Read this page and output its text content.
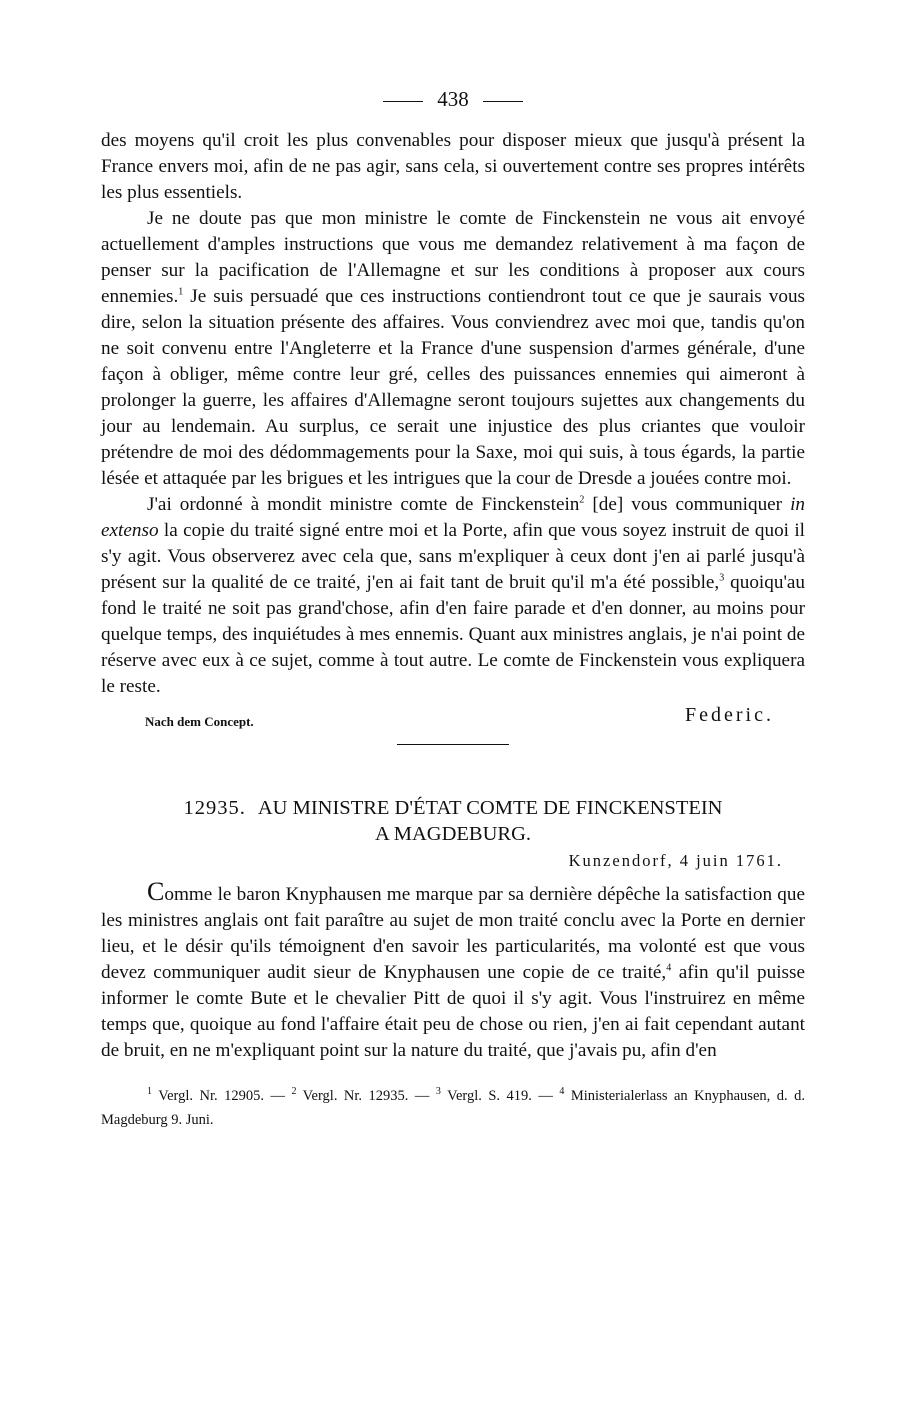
438

des moyens qu'il croit les plus convenables pour disposer mieux que jusqu'à présent la France envers moi, afin de ne pas agir, sans cela, si ouvertement contre ses propres intérêts les plus essentiels.

Je ne doute pas que mon ministre le comte de Finckenstein ne vous ait envoyé actuellement d'amples instructions que vous me demandez relativement à ma façon de penser sur la pacification de l'Allemagne et sur les conditions à proposer aux cours ennemies.$^1$ Je suis persuadé que ces instructions contiendront tout ce que je saurais vous dire, selon la situation présente des affaires. Vous conviendrez avec moi que, tandis qu'on ne soit convenu entre l'Angleterre et la France d'une suspension d'armes générale, d'une façon à obliger, même contre leur gré, celles des puissances ennemies qui aimeront à prolonger la guerre, les affaires d'Allemagne seront toujours sujettes aux changements du jour au lendemain. Au surplus, ce serait une injustice des plus criantes que vouloir prétendre de moi des dédommagements pour la Saxe, moi qui suis, à tous égards, la partie lésée et attaquée par les brigues et les intrigues que la cour de Dresde a jouées contre moi.

J'ai ordonné à mondit ministre comte de Finckenstein$^2$ [de] vous communiquer in extenso la copie du traité signé entre moi et la Porte, afin que vous soyez instruit de quoi il s'y agit. Vous observerez avec cela que, sans m'expliquer à ceux dont j'en ai parlé jusqu'à présent sur la qualité de ce traité, j'en ai fait tant de bruit qu'il m'a été possible,$^3$ quoiqu'au fond le traité ne soit pas grand'chose, afin d'en faire parade et d'en donner, au moins pour quelque temps, des inquiétudes à mes ennemis. Quant aux ministres anglais, je n'ai point de réserve avec eux à ce sujet, comme à tout autre. Le comte de Finckenstein vous expliquera le reste.

Nach dem Concept.	Federic.
12935. AU MINISTRE D'ÉTAT COMTE DE FINCKENSTEIN
A MAGDEBURG.
Kunzendorf, 4 juin 1761.

Comme le baron Knyphausen me marque par sa dernière dépêche la satisfaction que les ministres anglais ont fait paraître au sujet de mon traité conclu avec la Porte en dernier lieu, et le désir qu'ils témoignent d'en savoir les particularités, ma volonté est que vous devez communiquer audit sieur de Knyphausen une copie de ce traité,$^4$ afin qu'il puisse informer le comte Bute et le chevalier Pitt de quoi il s'y agit. Vous l'instruirez en même temps que, quoique au fond l'affaire était peu de chose ou rien, j'en ai fait cependant autant de bruit, en ne m'expliquant point sur la nature du traité, que j'avais pu, afin d'en

$^1$ Vergl. Nr. 12905. — $^2$ Vergl. Nr. 12935. — $^3$ Vergl. S. 419. — $^4$ Ministerialerlass an Knyphausen, d. d. Magdeburg 9. Juni.
